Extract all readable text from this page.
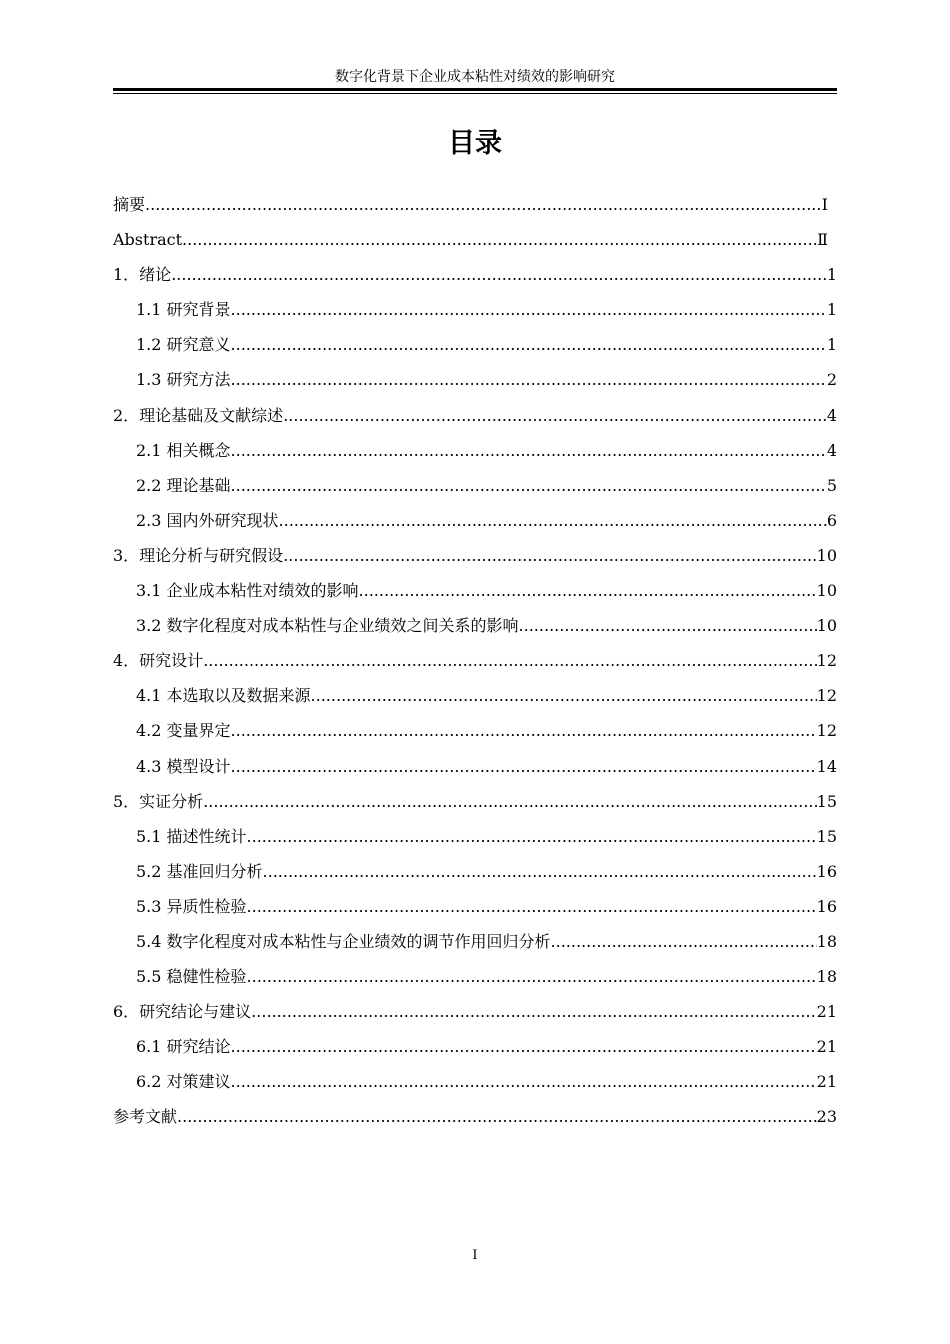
数字化背景下企业成本粘性对绩效的影响研究
目录
摘要 .....	I
Abstract .....	Ⅱ
1．绪论 .....	1
1.1 研究背景 .....	1
1.2 研究意义 .....	1
1.3 研究方法 .....	2
2．理论基础及文献综述 .....	4
2.1 相关概念 .....	4
2.2 理论基础 .....	5
2.3 国内外研究现状 .....	6
3．理论分析与研究假设 .....	10
3.1 企业成本粘性对绩效的影响 .....	10
3.2 数字化程度对成本粘性与企业绩效之间关系的影响 .....	10
4．研究设计 .....	12
4.1 本选取以及数据来源 .....	12
4.2 变量界定 .....	12
4.3 模型设计 .....	14
5．实证分析 .....	15
5.1 描述性统计 .....	15
5.2 基准回归分析 .....	16
5.3 异质性检验 .....	16
5.4 数字化程度对成本粘性与企业绩效的调节作用回归分析 .....	18
5.5 稳健性检验 .....	18
6．研究结论与建议 .....	21
6.1 研究结论 .....	21
6.2 对策建议 .....	21
参考文献 .....	23
I
